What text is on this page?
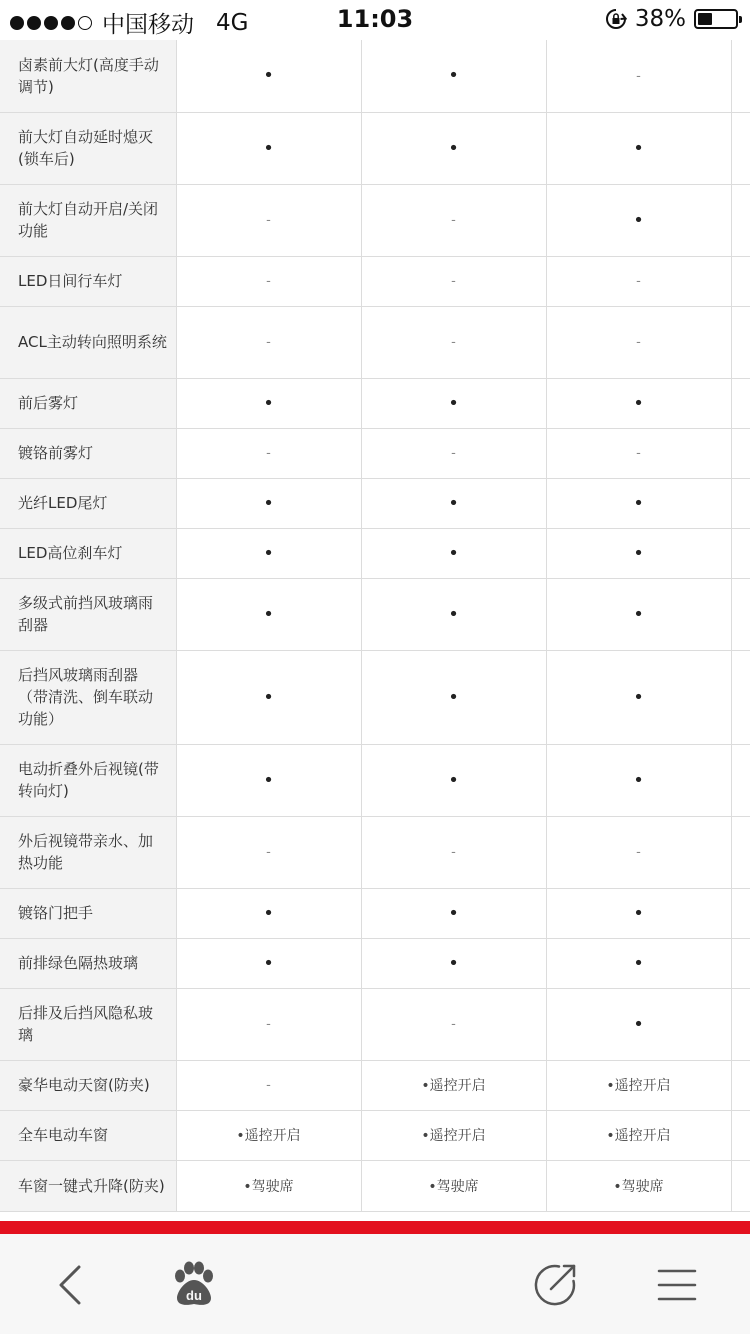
中国移动 4G	11:03	38%
卤素前大灯(高度手动调节)	•	•	-	
前大灯自动延时熄灭(锁车后)	•	•	•	
前大灯自动开启/关闭功能	-	-	•	
LED日间行车灯	-	-	-	
ACL主动转向照明系统	-	-	-	
前后雾灯	•	•	•	
镀铬前雾灯	-	-	-	
光纤LED尾灯	•	•	•	
LED高位刹车灯	•	•	•	
多级式前挡风玻璃雨刮器	•	•	•	
后挡风玻璃雨刮器（带清洗、倒车联动功能）	•	•	•	
电动折叠外后视镜(带转向灯)	•	•	•	
外后视镜带亲水、加热功能	-	-	-	
镀铬门把手	•	•	•	
前排绿色隔热玻璃	•	•	•	
后排及后挡风隐私玻璃	-	-	•	
豪华电动天窗(防夹)	-	•遥控开启	•遥控开启	
全车电动车窗	•遥控开启	•遥控开启	•遥控开启	
车窗一键式升降(防夹)	•驾驶席	•驾驶席	•驾驶席	
du
